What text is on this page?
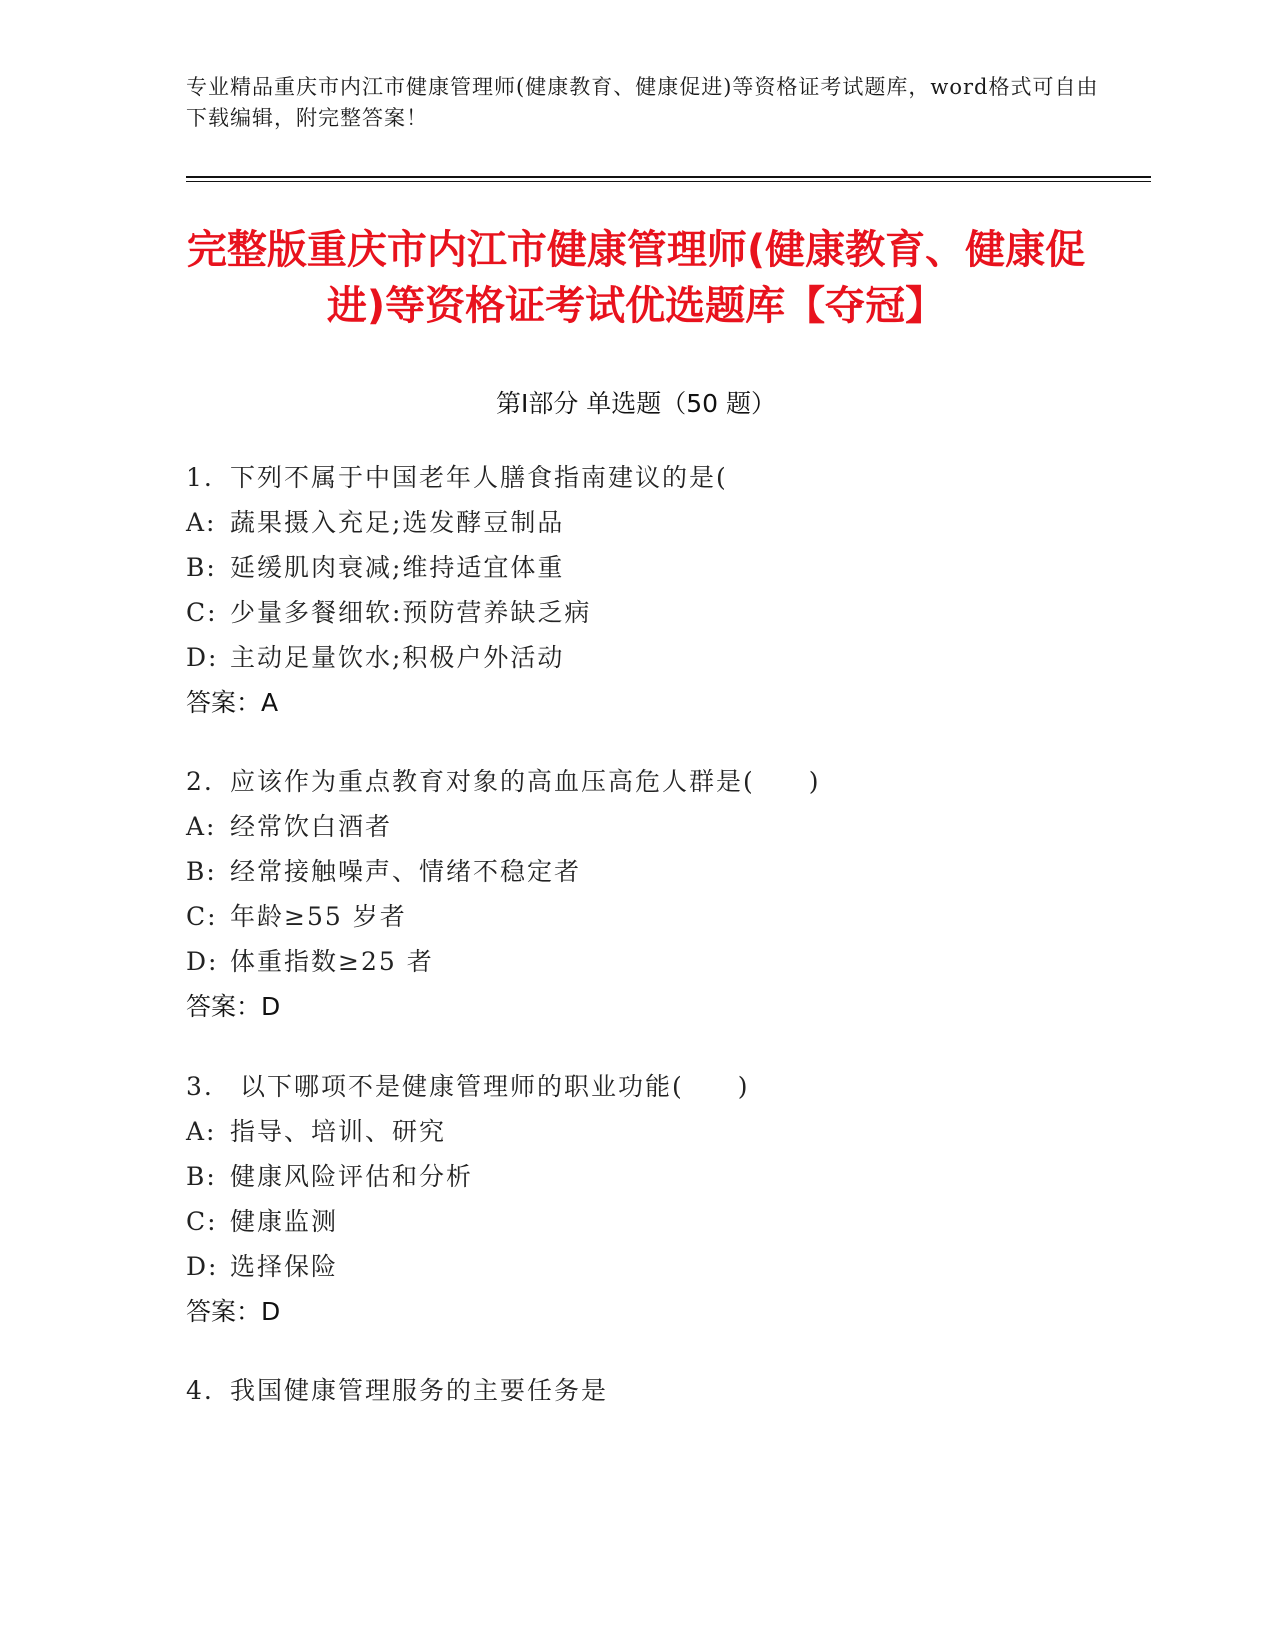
专业精品重庆市内江市健康管理师(健康教育、健康促进)等资格证考试题库，word格式可自由下载编辑，附完整答案！
完整版重庆市内江市健康管理师(健康教育、健康促进)等资格证考试优选题库【夺冠】
第Ⅰ部分 单选题（50 题）
1. 下列不属于中国老年人膳食指南建议的是(
A: 蔬果摄入充足;选发酵豆制品
B: 延缓肌肉衰减;维持适宜体重
C: 少量多餐细软:预防营养缺乏病
D: 主动足量饮水;积极户外活动
答案：A
2. 应该作为重点教育对象的高血压高危人群是(　　)
A: 经常饮白酒者
B: 经常接触噪声、情绪不稳定者
C: 年龄≥55 岁者
D: 体重指数≥25 者
答案：D
3. 以下哪项不是健康管理师的职业功能(　　)
A: 指导、培训、研究
B: 健康风险评估和分析
C: 健康监测
D: 选择保险
答案：D
4. 我国健康管理服务的主要任务是
